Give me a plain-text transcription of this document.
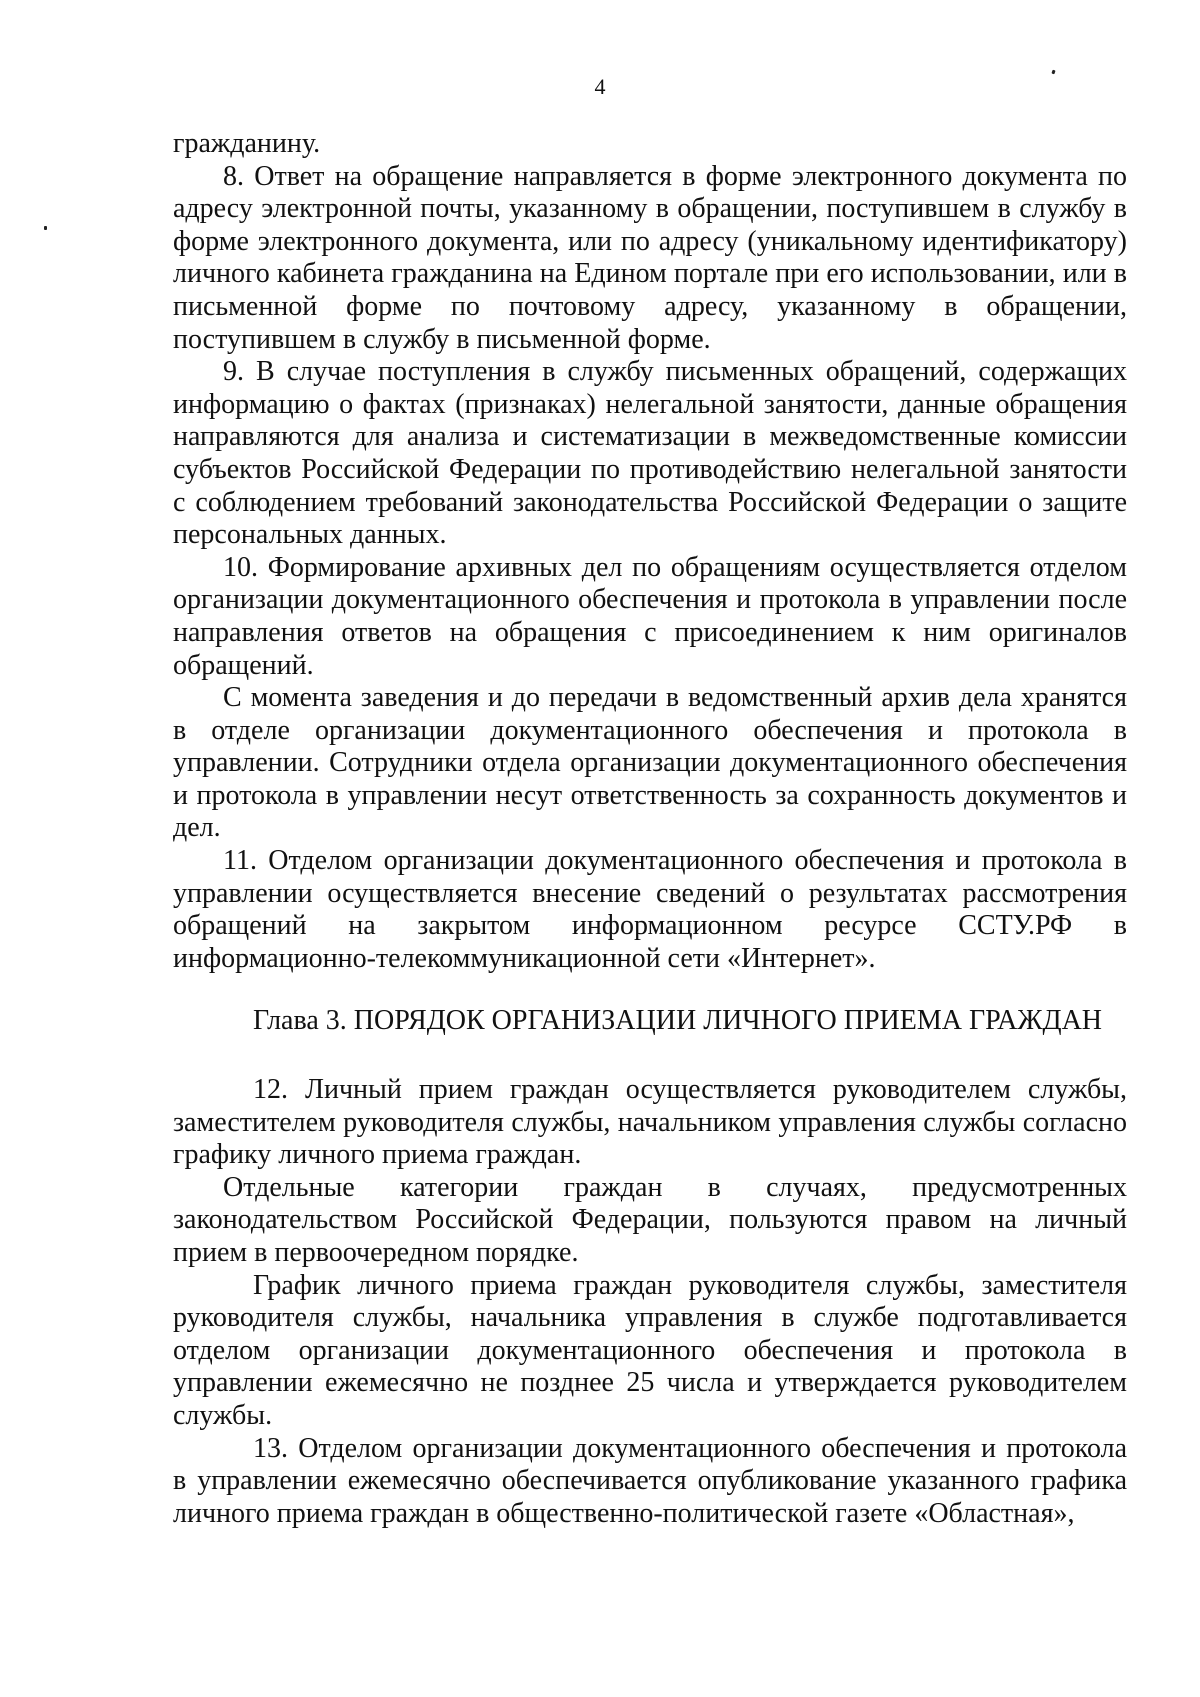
4

гражданину.

8. Ответ на обращение направляется в форме электронного документа по адресу электронной почты, указанному в обращении, поступившем в службу в форме электронного документа, или по адресу (уникальному идентификатору) личного кабинета гражданина на Едином портале при его использовании, или в письменной форме по почтовому адресу, указанному в обращении, поступившем в службу в письменной форме.

9. В случае поступления в службу письменных обращений, содержащих информацию о фактах (признаках) нелегальной занятости, данные обращения направляются для анализа и систематизации в межведомственные комиссии субъектов Российской Федерации по противодействию нелегальной занятости с соблюдением требований законодательства Российской Федерации о защите персональных данных.

10. Формирование архивных дел по обращениям осуществляется отделом организации документационного обеспечения и протокола в управлении после направления ответов на обращения с присоединением к ним оригиналов обращений.

С момента заведения и до передачи в ведомственный архив дела хранятся в отделе организации документационного обеспечения и протокола в управлении. Сотрудники отдела организации документационного обеспечения и протокола в управлении несут ответственность за сохранность документов и дел.

11. Отделом организации документационного обеспечения и протокола в управлении осуществляется внесение сведений о результатах рассмотрения обращений на закрытом информационном ресурсе ССТУ.РФ в информационно-телекоммуникационной сети «Интернет».

Глава 3. ПОРЯДОК ОРГАНИЗАЦИИ ЛИЧНОГО ПРИЕМА ГРАЖДАН

12. Личный прием граждан осуществляется руководителем службы, заместителем руководителя службы, начальником управления службы согласно графику личного приема граждан.

Отдельные категории граждан в случаях, предусмотренных законодательством Российской Федерации, пользуются правом на личный прием в первоочередном порядке.

График личного приема граждан руководителя службы, заместителя руководителя службы, начальника управления в службе подготавливается отделом организации документационного обеспечения и протокола в управлении ежемесячно не позднее 25 числа и утверждается руководителем службы.

13. Отделом организации документационного обеспечения и протокола в управлении ежемесячно обеспечивается опубликование указанного графика личного приема граждан в общественно-политической газете «Областная»,
